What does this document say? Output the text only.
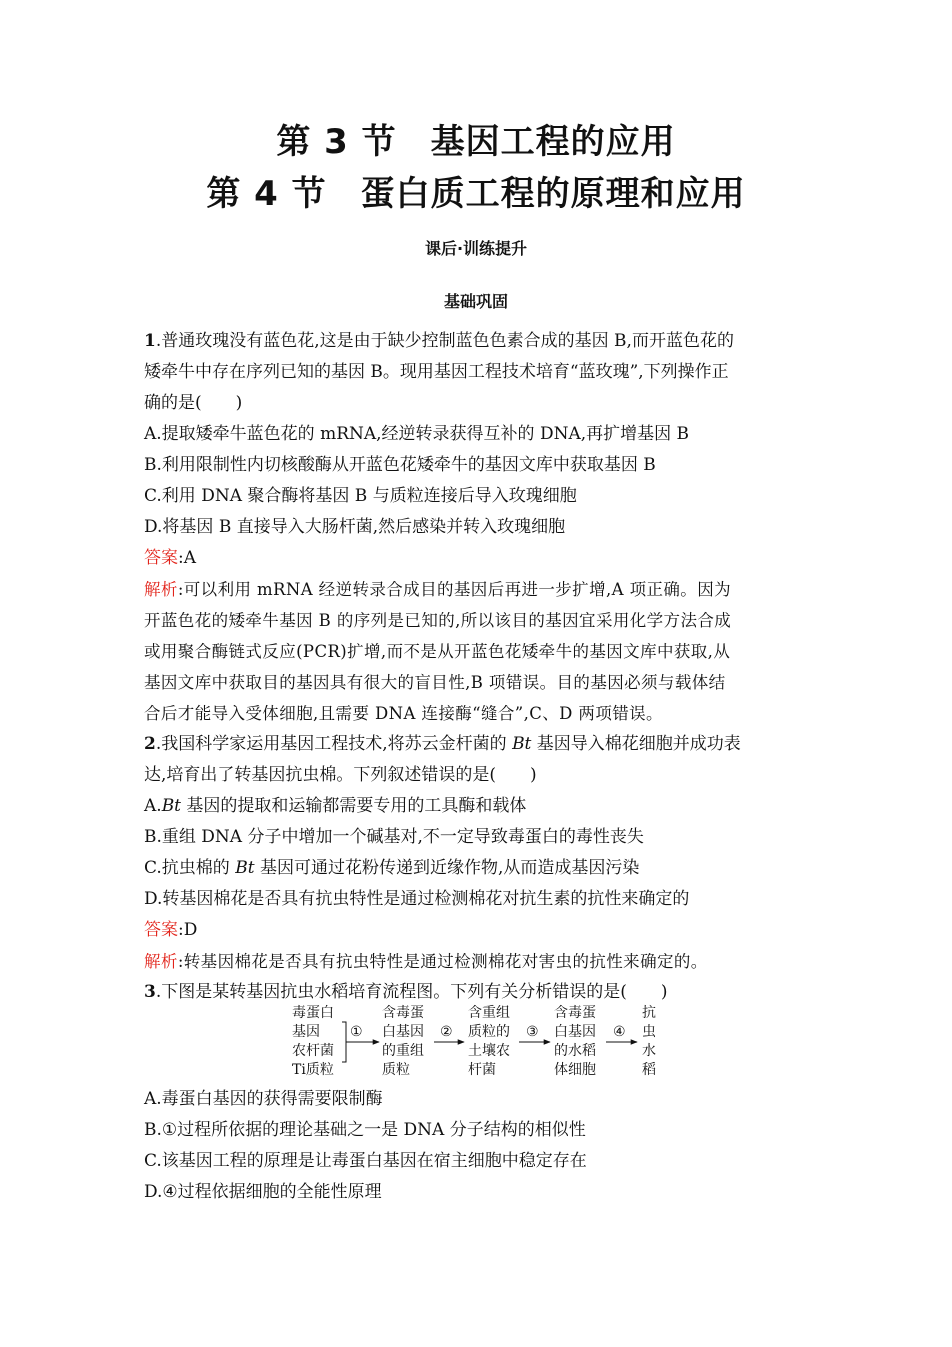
第 3 节 基因工程的应用
第 4 节 蛋白质工程的原理和应用
课后·训练提升
基础巩固
1.普通玫瑰没有蓝色花,这是由于缺少控制蓝色色素合成的基因 B,而开蓝色花的
矮牵牛中存在序列已知的基因 B。现用基因工程技术培育“蓝玫瑰”,下列操作正
确的是(　　)
A.提取矮牵牛蓝色花的 mRNA,经逆转录获得互补的 DNA,再扩增基因 B
B.利用限制性内切核酸酶从开蓝色花矮牵牛的基因文库中获取基因 B
C.利用 DNA 聚合酶将基因 B 与质粒连接后导入玫瑰细胞
D.将基因 B 直接导入大肠杆菌,然后感染并转入玫瑰细胞
答案:A
解析:可以利用 mRNA 经逆转录合成目的基因后再进一步扩增,A 项正确。因为
开蓝色花的矮牵牛基因 B 的序列是已知的,所以该目的基因宜采用化学方法合成
或用聚合酶链式反应(PCR)扩增,而不是从开蓝色花矮牵牛的基因文库中获取,从
基因文库中获取目的基因具有很大的盲目性,B 项错误。目的基因必须与载体结
合后才能导入受体细胞,且需要 DNA 连接酶“缝合”,C、D 两项错误。
2.我国科学家运用基因工程技术,将苏云金杆菌的 Bt 基因导入棉花细胞并成功表
达,培育出了转基因抗虫棉。下列叙述错误的是(　　)
A.Bt 基因的提取和运输都需要专用的工具酶和载体
B.重组 DNA 分子中增加一个碱基对,不一定导致毒蛋白的毒性丧失
C.抗虫棉的 Bt 基因可通过花粉传递到近缘作物,从而造成基因污染
D.转基因棉花是否具有抗虫特性是通过检测棉花对抗生素的抗性来确定的
答案:D
解析:转基因棉花是否具有抗虫特性是通过检测棉花对害虫的抗性来确定的。
3.下图是某转基因抗虫水稻培育流程图。下列有关分析错误的是(　　)
毒蛋白
基因
农杆菌
Ti质粒
①
含毒蛋
白基因
的重组
质粒
②
含重组
质粒的
土壤农
杆菌
③
含毒蛋
白基因
的水稻
体细胞
④
抗
虫
水
稻
A.毒蛋白基因的获得需要限制酶
B.①过程所依据的理论基础之一是 DNA 分子结构的相似性
C.该基因工程的原理是让毒蛋白基因在宿主细胞中稳定存在
D.④过程依据细胞的全能性原理
